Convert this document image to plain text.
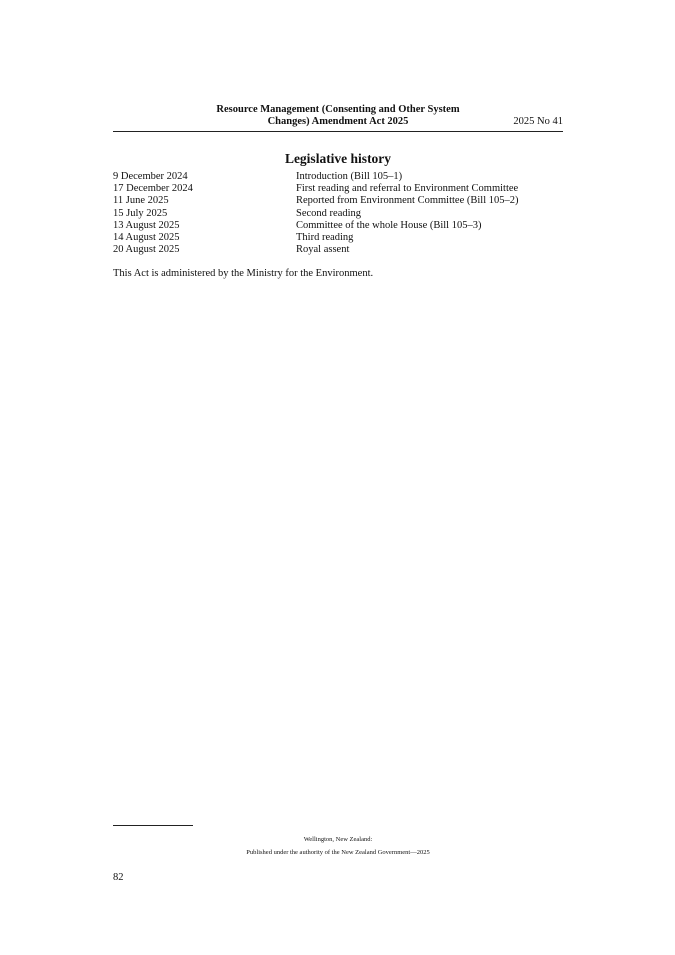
Resource Management (Consenting and Other System
Changes) Amendment Act 2025	2025 No 41
Legislative history
9 December 2024	Introduction (Bill 105–1)
17 December 2024	First reading and referral to Environment Committee
11 June 2025	Reported from Environment Committee (Bill 105–2)
15 July 2025	Second reading
13 August 2025	Committee of the whole House (Bill 105–3)
14 August 2025	Third reading
20 August 2025	Royal assent
This Act is administered by the Ministry for the Environment.
Wellington, New Zealand:
Published under the authority of the New Zealand Government—2025
82
